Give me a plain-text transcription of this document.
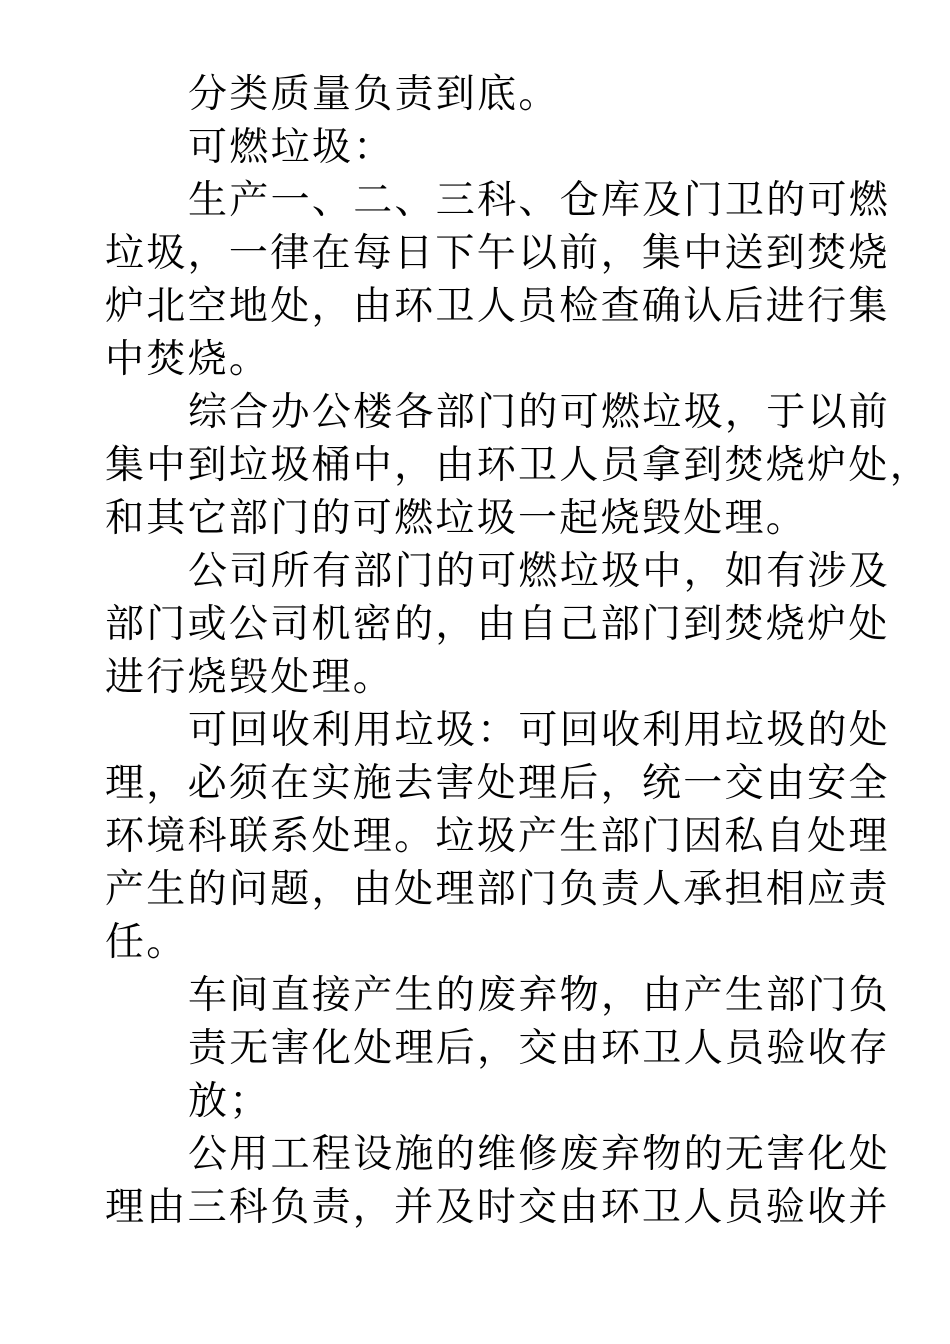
分类质量负责到底。
可燃垃圾：
生产一、二、三科、仓库及门卫的可燃
垃圾，一律在每日下午以前，集中送到焚烧
炉北空地处，由环卫人员检查确认后进行集
中焚烧。
综合办公楼各部门的可燃垃圾，于以前
集中到垃圾桶中，由环卫人员拿到焚烧炉处，
和其它部门的可燃垃圾一起烧毁处理。
公司所有部门的可燃垃圾中，如有涉及
部门或公司机密的，由自己部门到焚烧炉处
进行烧毁处理。
可回收利用垃圾：可回收利用垃圾的处
理，必须在实施去害处理后，统一交由安全
环境科联系处理。垃圾产生部门因私自处理
产生的问题，由处理部门负责人承担相应责
任。
车间直接产生的废弃物，由产生部门负
责无害化处理后，交由环卫人员验收存
放；
公用工程设施的维修废弃物的无害化处
理由三科负责，并及时交由环卫人员验收并
